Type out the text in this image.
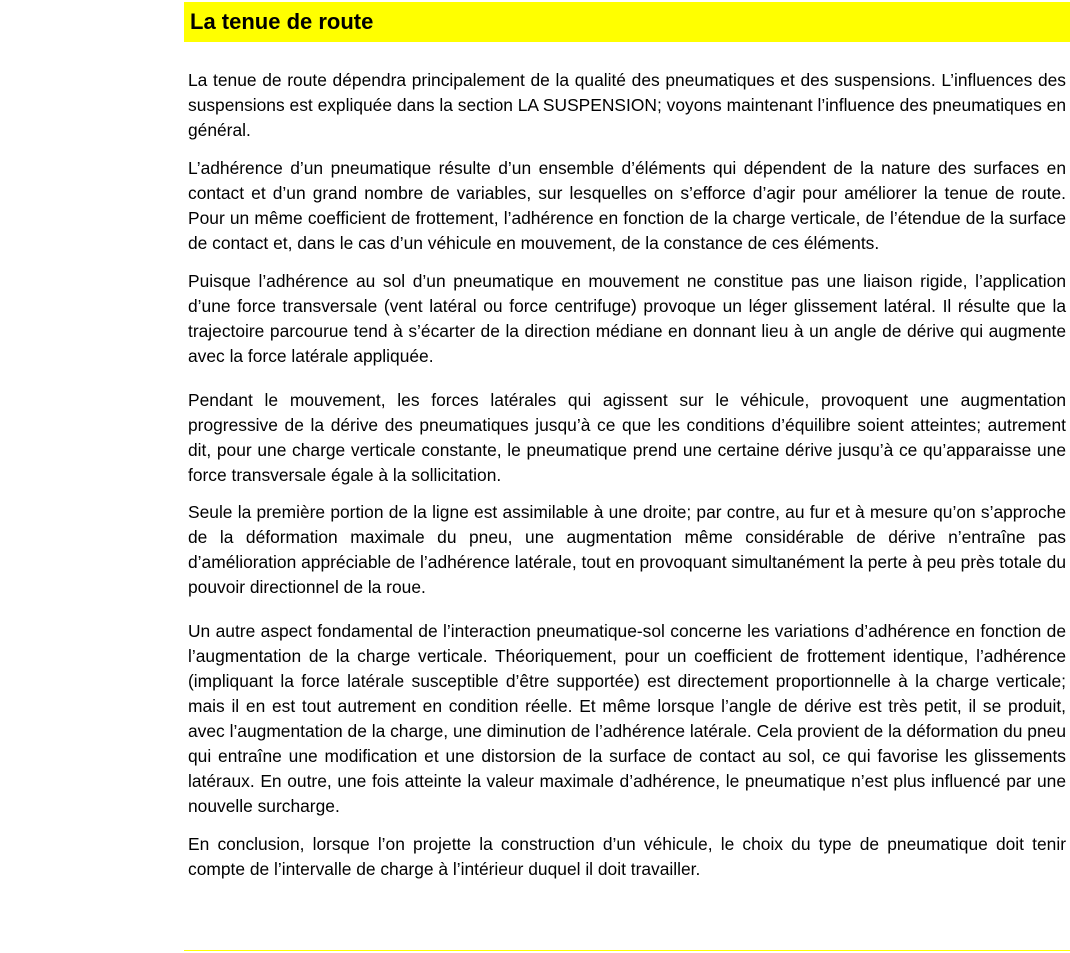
La tenue de route

La tenue de route dépendra principalement de la qualité des pneumatiques et des suspensions. L’influences des suspensions est expliquée dans la section LA SUSPENSION; voyons maintenant l’influence des pneumatiques en général.

L’adhérence d’un pneumatique résulte d’un ensemble d’éléments qui dépendent de la nature des surfaces en contact et d’un grand nombre de variables, sur lesquelles on s’efforce d’agir pour améliorer la tenue de route. Pour un même coefficient de frottement, l’adhérence en fonction de la charge verticale, de l’étendue de la surface de contact et, dans le cas d’un véhicule en mouvement, de la constance de ces éléments.

Puisque l’adhérence au sol d’un pneumatique en mouvement ne constitue pas une liaison rigide, l’application d’une force transversale (vent latéral ou force centrifuge) provoque un léger glissement latéral. Il résulte que la trajectoire parcourue tend à s’écarter de la direction médiane en donnant lieu à un angle de dérive qui augmente avec la force latérale appliquée.

Pendant le mouvement, les forces latérales qui agissent sur le véhicule, provoquent une augmentation progressive de la dérive des pneumatiques jusqu’à ce que les conditions d’équilibre soient atteintes; autrement dit, pour une charge verticale constante, le pneumatique prend une certaine dérive jusqu’à ce qu’apparaisse une force transversale égale à la sollicitation.

Seule la première portion de la ligne est assimilable à une droite; par contre, au fur et à mesure qu’on s’approche de la déformation maximale du pneu, une augmentation même considérable de dérive n’entraîne pas d’amélioration appréciable de l’adhérence latérale, tout en provoquant simultanément la perte à peu près totale du pouvoir directionnel de la roue.

Un autre aspect fondamental de l’interaction pneumatique-sol concerne les variations d’adhérence en fonction de l’augmentation de la charge verticale. Théoriquement, pour un coefficient de frottement identique, l’adhérence (impliquant la force latérale susceptible d’être supportée) est directement proportionnelle à la charge verticale; mais il en est tout autrement en condition réelle. Et même lorsque l’angle de dérive est très petit, il se produit, avec l’augmentation de la charge, une diminution de l’adhérence latérale. Cela provient de la déformation du pneu qui entraîne une modification et une distorsion de la surface de contact au sol, ce qui favorise les glissements latéraux. En outre, une fois atteinte la valeur maximale d’adhérence, le pneumatique n’est plus influencé par une nouvelle surcharge.

En conclusion, lorsque l’on projette la construction d’un véhicule, le choix du type de pneumatique doit tenir compte de l’intervalle de charge à l’intérieur duquel il doit travailler.
